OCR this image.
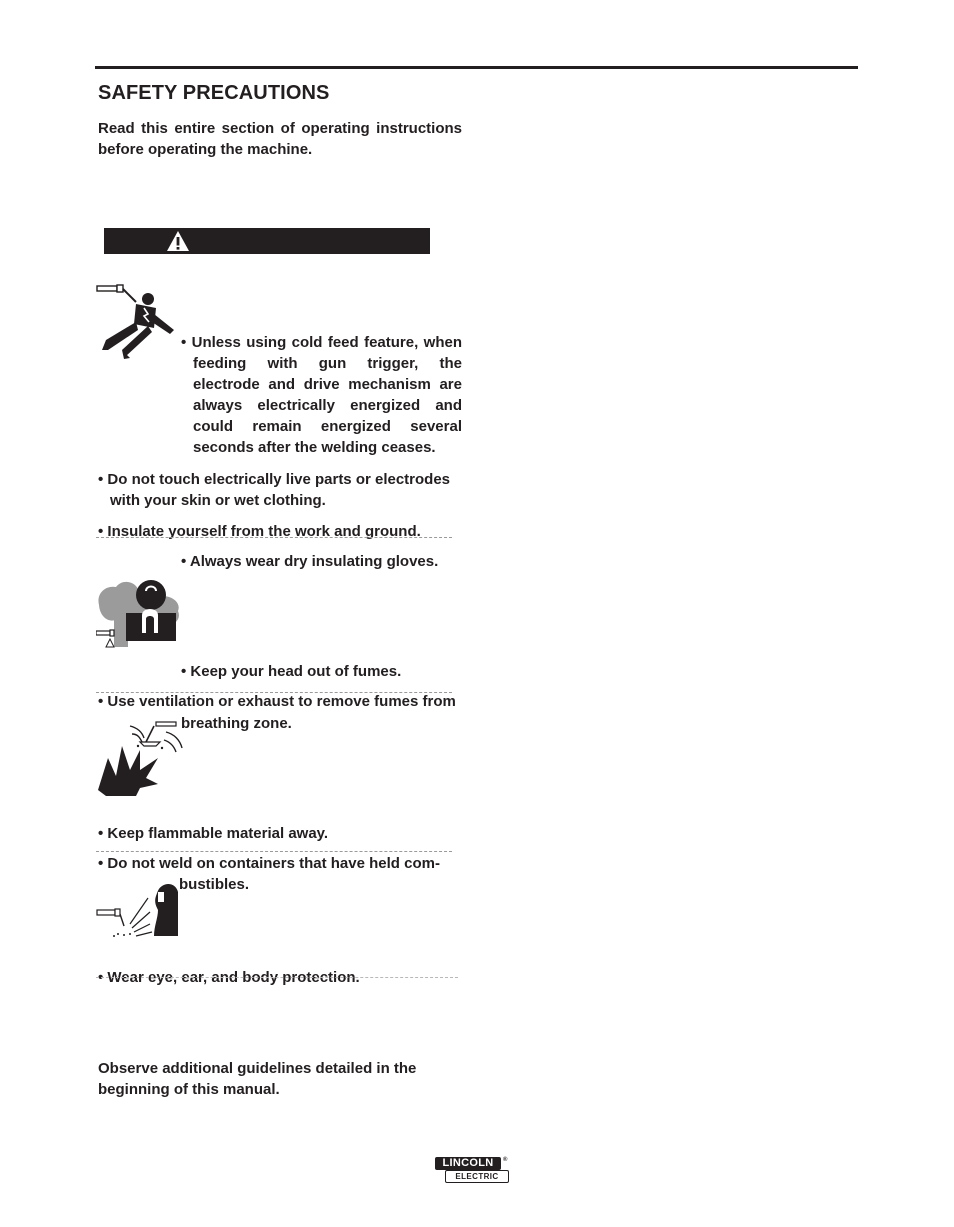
SAFETY PRECAUTIONS
Read this entire section of operating instructions before operating the machine.
• Unless using cold feed feature, when feeding with gun trigger, the electrode and drive mechanism are always electrically energized and could remain energized several seconds after the welding ceases.
• Do not touch electrically live parts or electrodes with your skin or wet clothing.
• Insulate yourself from the work and ground.
• Always wear dry insulating gloves.
• Keep your head out of fumes.
• Use ventilation or exhaust to remove fumes from
breathing zone.
• Keep flammable material away.
• Do not weld on containers that have held com-
bustibles.
• Wear eye, ear, and body protection.
Observe additional guidelines detailed in the beginning of this manual.
LINCOLN	®
ELECTRIC
